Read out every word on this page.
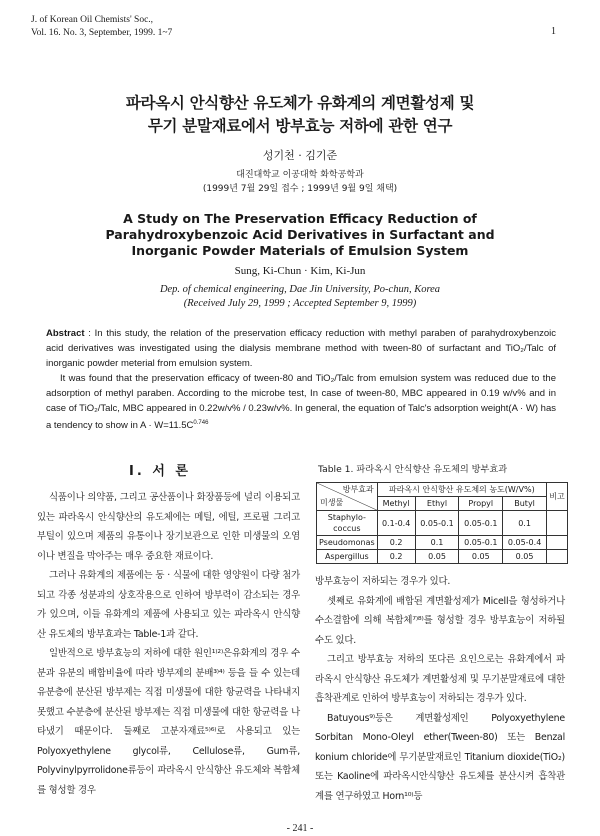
J. of Korean Oil Chemists' Soc.,
Vol. 16. No. 3, September, 1999. 1~7	1
파라옥시 안식향산 유도체가 유화계의 계면활성제 및
무기 분말재료에서 방부효능 저하에 관한 연구
성기천 · 김기준
대진대학교 이공대학 화학공학과
(1999년 7월 29일 접수 ; 1999년 9월 9일 채택)
A Study on The Preservation Efficacy Reduction of
Parahydroxybenzoic Acid Derivatives in Surfactant and
Inorganic Powder Materials of Emulsion System
Sung, Ki-Chun · Kim, Ki-Jun
Dep. of chemical engineering, Dae Jin University, Po-chun, Korea
(Received July 29, 1999 ; Accepted September 9, 1999)

Abstract : In this study, the relation of the preservation efficacy reduction with methyl paraben of parahydroxybenzoic acid derivatives was investigated using the dialysis membrane method with tween-80 of surfactant and TiO₂/Talc of inorganic powder meterial from emulsion system.

It was found that the preservation efficacy of tween-80 and TiO₂/Talc from emulsion system was reduced due to the adsorption of methyl paraben. According to the microbe test, In case of tween-80, MBC appeared in 0.19 w/v% and in case of TiO₂/Talc, MBC appeared in 0.22w/v% / 0.23w/v%. In general, the equation of Talc's adsorption weight(A · W) has a tendency to show in $A \cdot W=11.5C^{0.746}$

Ⅰ. 서 론

식품이나 의약품, 그리고 공산품이나 화장품등에 널리 이용되고 있는 파라옥시 안식향산의 유도체에는 메틸, 에틸, 프로필 그리고 부틸이 있으며 제품의 유통이나 장기보관으로 인한 미생물의 오염이나 변질을 막아주는 매우 중요한 재료이다.

그러나 유화계의 제품에는 동 · 식물에 대한 영양원이 다량 첨가되고 각종 성분과의 상호작용으로 인하여 방부력이 감소되는 경우가 있으며, 이들 유화계의 제품에 사용되고 있는 파라옥시 안식향산 유도체의 방부효과는 Table-1과 같다.

일반적으로 방부효능의 저하에 대한 원인¹⁾²⁾은유화계의 경우 수분과 유분의 배합비율에 따라 방부제의 분배³⁾⁴⁾ 등을 들 수 있는데 유분층에 분산된 방부제는 직접 미생물에 대한 항균력을 나타내지 못했고 수분층에 분산된 방부제는 직접 미생물에 대한 항균력을 나타냈기 때문이다. 둘째로 고분자재료⁵⁾⁶⁾로 사용되고 있는 Polyoxyethylene glycol류, Cellulose류, Gum류, Polyvinylpyrrolidone류등이 파라옥시 안식향산 유도체와 복합체를 형성할 경우

Table 1. 파라옥시 안식향산 유도체의 방부효과
방부효과
미생물	파라옥시 안식향산 유도체의 농도(W/V%)				비고
	Methyl	Ethyl	Propyl	Butyl	
Staphylo-coccus	0.1-0.4	0.05-0.1	0.05-0.1	0.1	
Pseudomonas	0.2	0.1	0.05-0.1	0.05-0.4	
Aspergillus	0.2	0.05	0.05	0.05	

방부효능이 저하되는 경우가 있다.

셋째로 유화계에 배합된 계면활성제가 Micell을 형성하거나 수소결합에 의해 복합체⁷⁾⁸⁾를 형성할 경우 방부효능이 저하될 수도 있다.

그리고 방부효능 저하의 또다른 요인으로는 유화계에서 파라옥시 안식향산 유도체가 계면활성제 및 무기분말재료에 대한 흡착관계로 인하여 방부효능이 저하되는 경우가 있다.

Batuyous⁹⁾등은 계면활성제인 Polyoxyethylene Sorbitan Mono-Oleyl ether(Tween-80) 또는 Benzal konium chloride에 무기분말재료인 Titanium dioxide(TiO₂) 또는 Kaoline에 파라옥시안식향산 유도체를 분산시켜 흡착관계를 연구하였고 Horn¹⁰⁾등

- 241 -
